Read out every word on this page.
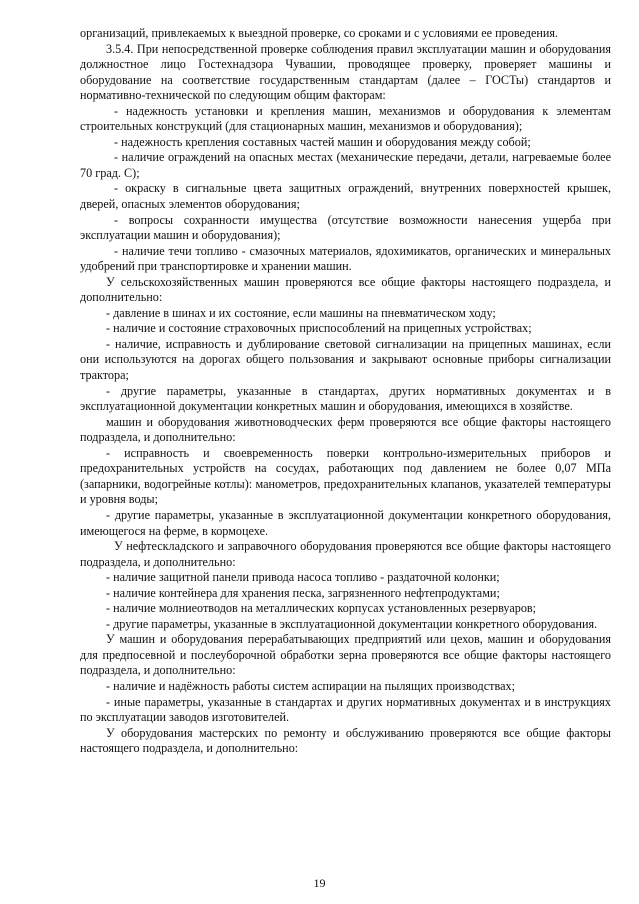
организаций, привлекаемых к выездной проверке, со сроками и с условиями ее проведения.

3.5.4. При непосредственной проверке соблюдения правил эксплуатации машин и оборудования должностное лицо Гостехнадзора Чувашии, проводящее проверку, проверяет машины и оборудование на соответствие государственным стандартам (далее – ГОСТы) стандартов и нормативно-технической по следующим общим факторам:

- надежность установки и крепления машин, механизмов и оборудования к элементам строительных конструкций (для стационарных машин, механизмов и оборудования);

- надежность крепления составных частей машин и оборудования между собой;

- наличие ограждений на опасных местах (механические передачи, детали, нагреваемые более 70 град. С);

- окраску в сигнальные цвета защитных ограждений, внутренних поверхностей крышек, дверей, опасных элементов оборудования;

- вопросы сохранности имущества (отсутствие возможности нанесения ущерба при эксплуатации машин и оборудования);

- наличие течи топливо - смазочных материалов, ядохимикатов, органических и минеральных удобрений при транспортировке и хранении машин.

У сельскохозяйственных машин проверяются все общие факторы настоящего подраздела, и дополнительно:

- давление в шинах и их состояние, если машины на пневматическом ходу;

- наличие и состояние страховочных приспособлений на прицепных устройствах;

- наличие, исправность и дублирование световой сигнализации на прицепных машинах, если они используются на дорогах общего пользования и закрывают основные приборы сигнализации трактора;

- другие параметры, указанные в стандартах, других нормативных документах и в эксплуатационной документации конкретных машин и оборудования, имеющихся в хозяйстве.

машин и оборудования животноводческих ферм проверяются все общие факторы настоящего подраздела, и дополнительно:

- исправность и своевременность поверки контрольно-измерительных приборов и предохранительных устройств на сосудах, работающих под давлением не более 0,07 МПа (запарники, водогрейные котлы): манометров, предохранительных клапанов, указателей температуры и уровня воды;

- другие параметры, указанные в эксплуатационной документации конкретного оборудования, имеющегося на ферме, в кормоцехе.

У нефтескладского и заправочного оборудования проверяются все общие факторы настоящего подраздела, и дополнительно:

- наличие защитной панели привода насоса топливо - раздаточной колонки;

- наличие контейнера для хранения песка, загрязненного нефтепродуктами;

- наличие молниеотводов на металлических корпусах установленных резервуаров;

- другие параметры, указанные в эксплуатационной документации конкретного оборудования.

У машин и оборудования перерабатывающих предприятий или цехов, машин и оборудования для предпосевной и послеуборочной обработки зерна проверяются все общие факторы настоящего подраздела, и дополнительно:

- наличие и надёжность работы систем аспирации на пылящих производствах;

- иные параметры, указанные в стандартах и других нормативных документах и в инструкциях по эксплуатации заводов изготовителей.

У оборудования мастерских по ремонту и обслуживанию проверяются все общие факторы настоящего подраздела, и дополнительно:

19
